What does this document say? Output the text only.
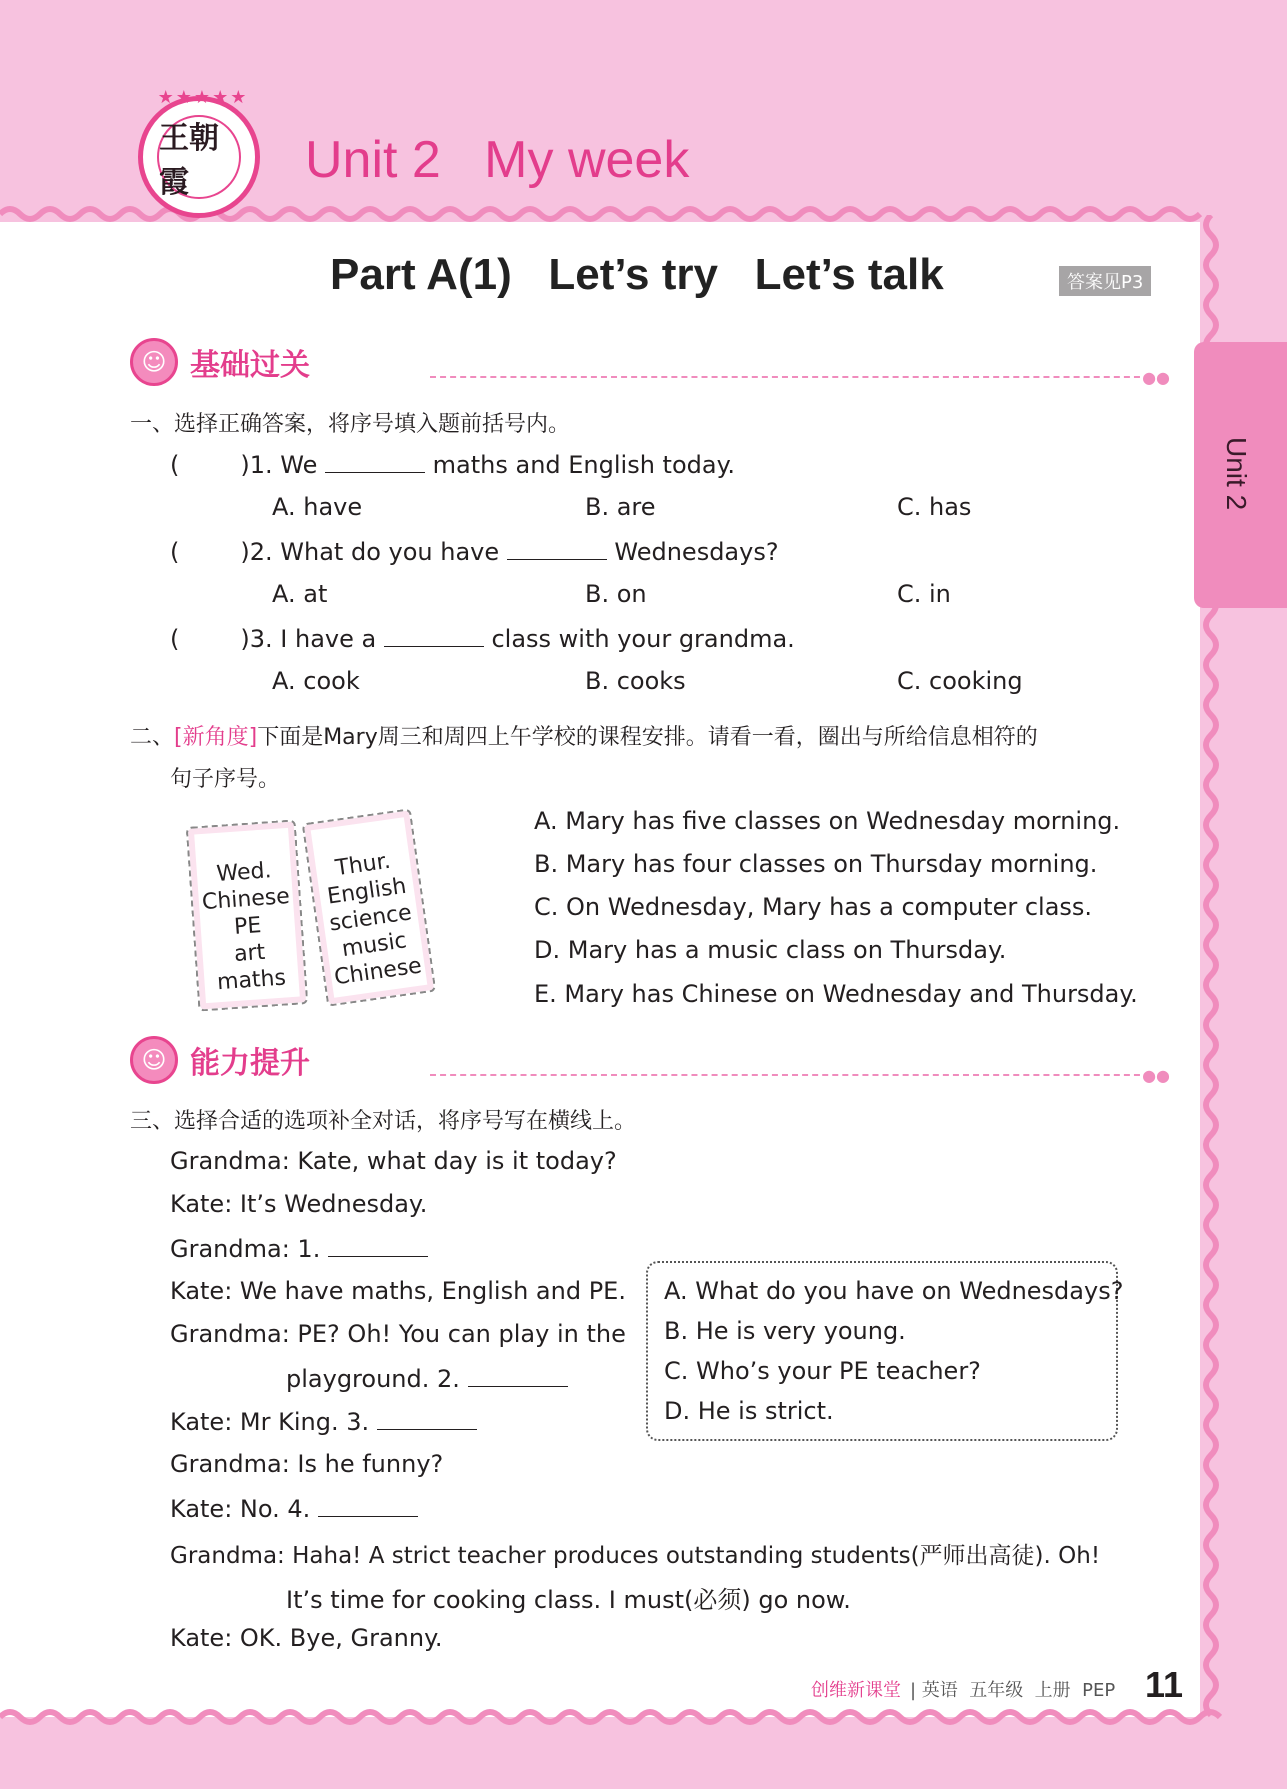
★★★★★
王朝霞	Unit 2   My week
Unit 2
Part A(1)   Let’s try   Let’s talk	答案见P3
☺ 基础过关	●●
一、选择正确答案，将序号填入题前括号内。
(        )1. We	maths and English today.
A. have	B. are	C. has
(        )2. What do you have	Wednesdays?
A. at	B. on	C. in
(        )3. I have a	class with your grandma.
A. cook	B. cooks	C. cooking
二、[新角度]下面是Mary周三和周四上午学校的课程安排。请看一看，圈出与所给信息相符的
句子序号。
Wed.
Chinese
PE
art
maths
Thur.
English
science
music
Chinese
A. Mary has five classes on Wednesday morning.
B. Mary has four classes on Thursday morning.
C. On Wednesday, Mary has a computer class.
D. Mary has a music class on Thursday.
E. Mary has Chinese on Wednesday and Thursday.
☺ 能力提升	●●
三、选择合适的选项补全对话，将序号写在横线上。
Grandma: Kate, what day is it today?
Kate: It’s Wednesday.
Grandma: 1.
Kate: We have maths, English and PE.
Grandma: PE? Oh! You can play in the
playground. 2.
Kate: Mr King. 3.
Grandma: Is he funny?
Kate: No. 4.
Grandma: Haha! A strict teacher produces outstanding students(严师出高徒). Oh!
It’s time for cooking class. I must(必须) go now.
Kate: OK. Bye, Granny.
A. What do you have on Wednesdays?
B. He is very young.
C. Who’s your PE teacher?
D. He is strict.
创维新课堂 | 英语  五年级  上册  PEP 11
